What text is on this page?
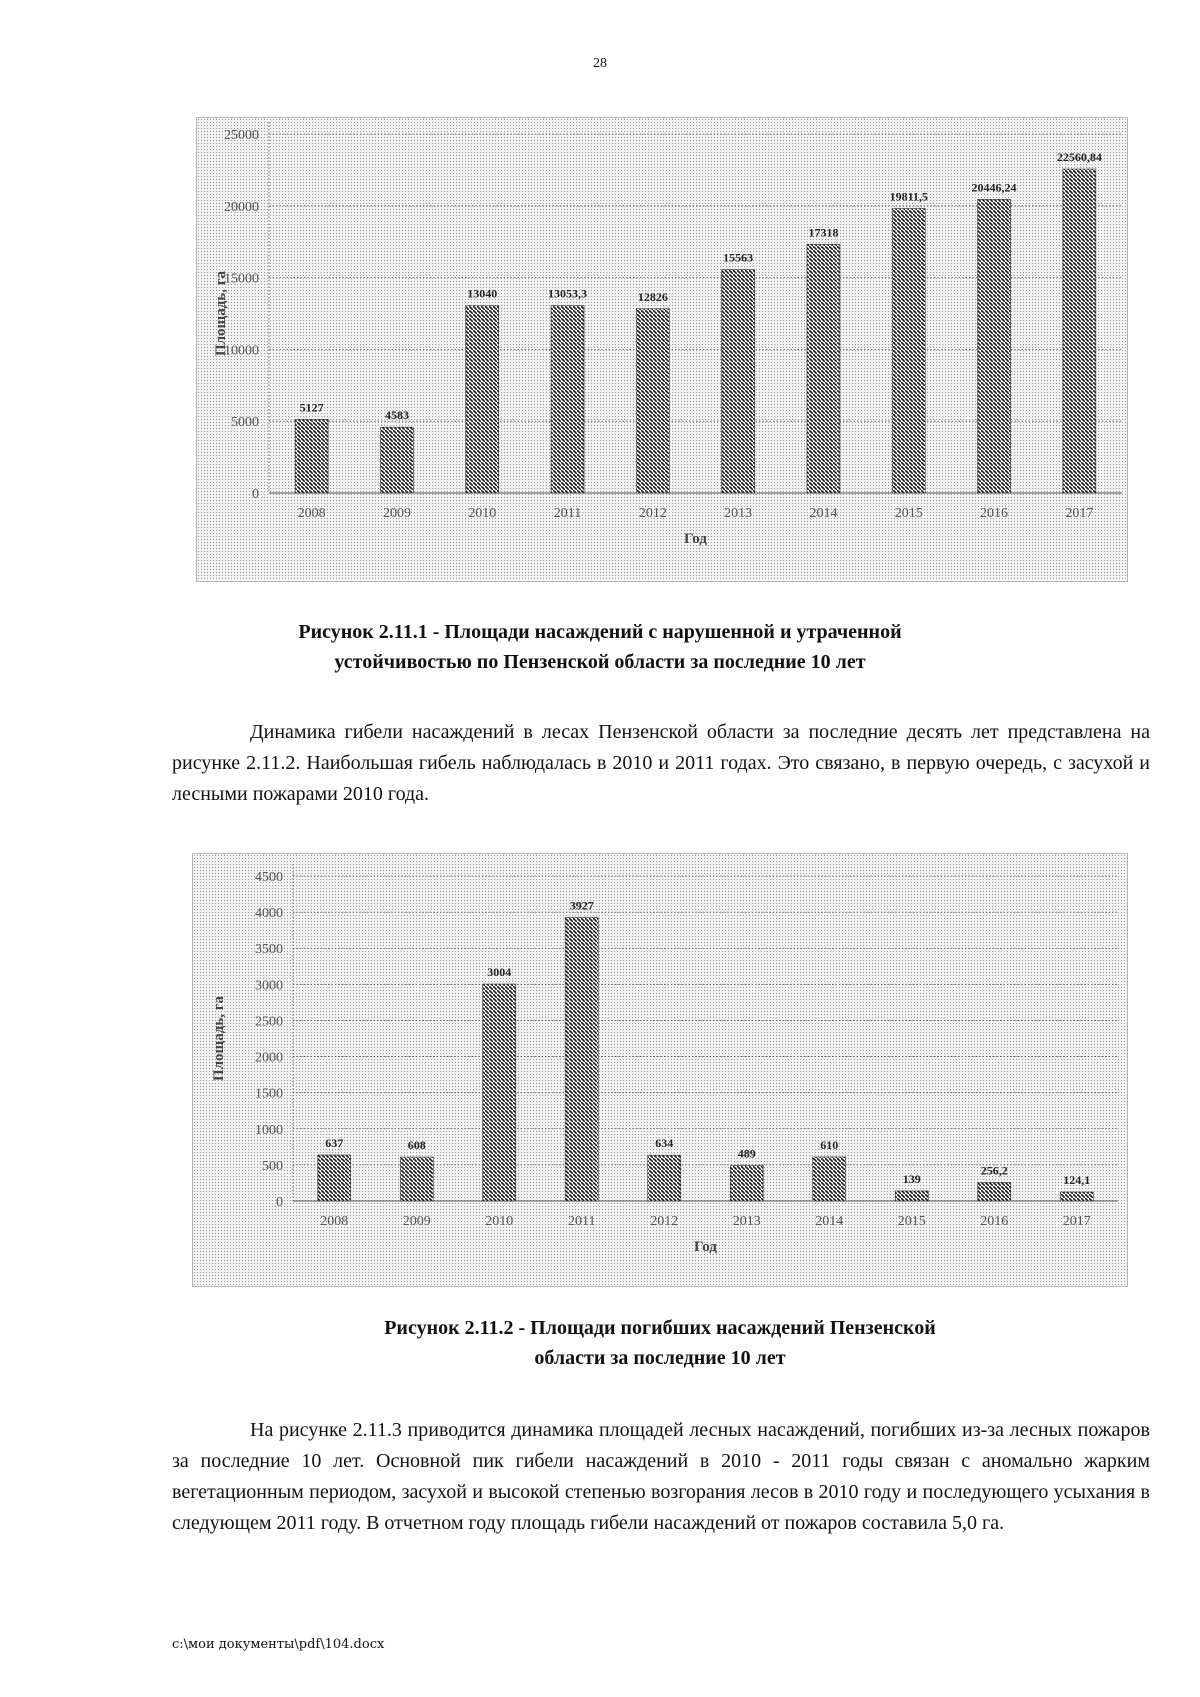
28
0
5000
10000
15000
20000
25000
5127
2008
4583
2009
13040
2010
13053,3
2011
12826
2012
15563
2013
17318
2014
19811,5
2015
20446,24
2016
22560,84
2017
Год
Площадь, га
Рисунок 2.11.1 - Площади насаждений с нарушенной и утраченной
устойчивостью по Пензенской области за последние 10 лет

Динамика гибели насаждений в лесах Пензенской области за последние десять лет представлена на рисунке 2.11.2. Наибольшая гибель наблюдалась в 2010 и 2011 годах. Это связано, в первую очередь, с засухой и лесными пожарами 2010 года.

0
500
1000
1500
2000
2500
3000
3500
4000
4500
637
2008
608
2009
3004
2010
3927
2011
634
2012
489
2013
610
2014
139
2015
256,2
2016
124,1
2017
Год
Площадь, га
Рисунок 2.11.2 - Площади погибших насаждений Пензенской
области за последние 10 лет

На рисунке 2.11.3 приводится динамика площадей лесных насаждений, погибших из-за лесных пожаров за последние 10 лет. Основной пик гибели насаждений в 2010 - 2011 годы связан с аномально жарким вегетационным периодом, засухой и высокой степенью возгорания лесов в 2010 году и последующего усыхания в следующем 2011 году. В отчетном году площадь гибели насаждений от пожаров составила 5,0 га.

c:\мои документы\pdf\104.docx
